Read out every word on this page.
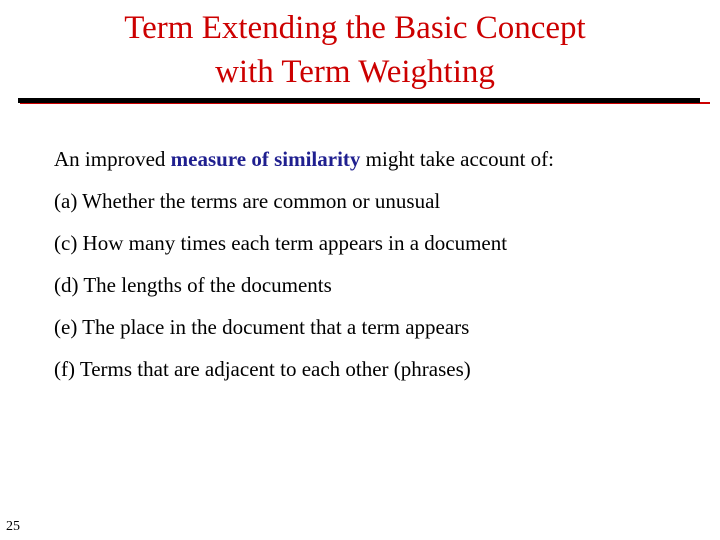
Term Extending the Basic Concept
with Term Weighting

An improved measure of similarity might take account of:

(a) Whether the terms are common or unusual

(c) How many times each term appears in a document

(d) The lengths of the documents

(e) The place in the document that a term appears

(f) Terms that are adjacent to each other (phrases)

25
